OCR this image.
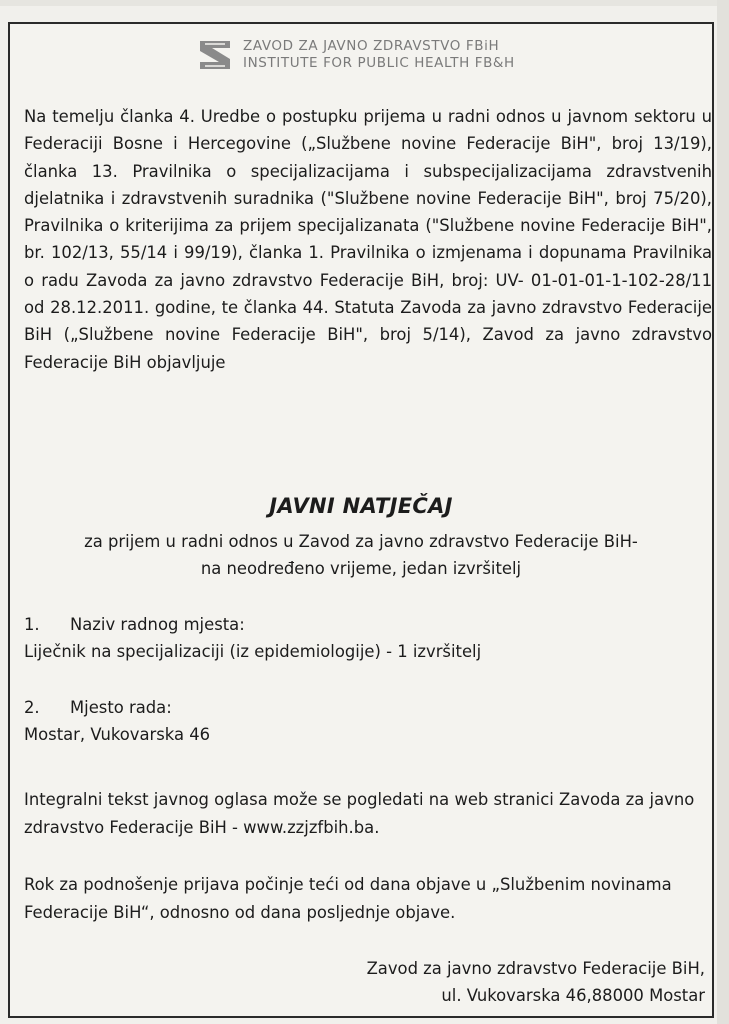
ZAVOD ZA JAVNO ZDRAVSTVO FBiH
INSTITUTE FOR PUBLIC HEALTH FB&H

Na temelju članka 4. Uredbe o postupku prijema u radni odnos u javnom sektoru u Federaciji Bosne i Hercegovine („Službene novine Federacije BiH", broj 13/19), članka 13. Pravilnika o specijalizacijama i subspecijalizacijama zdravstvenih djelatnika i zdravstvenih suradnika ("Službene novine Federacije BiH", broj 75/20), Pravilnika o kriterijima za prijem specijalizanata ("Službene novine Federacije BiH", br. 102/13, 55/14 i 99/19), članka 1. Pravilnika o izmjenama i dopunama Pravilnika o radu Zavoda za javno zdravstvo Federacije BiH, broj: UV- 01-01-01-1-102-28/11 od 28.12.2011. godine, te članka 44. Statuta Zavoda za javno zdravstvo Federacije BiH („Službene novine Federacije BiH", broj 5/14), Zavod za javno zdravstvo Federacije BiH objavljuje

JAVNI NATJEČAJ
za prijem u radni odnos u Zavod za javno zdravstvo Federacije BiH-
na neodređeno vrijeme, jedan izvršitelj
1. Naziv radnog mjesta:
Liječnik na specijalizaciji (iz epidemiologije) - 1 izvršitelj
2. Mjesto rada:
Mostar, Vukovarska 46
Integralni tekst javnog oglasa može se pogledati na web stranici Zavoda za javno zdravstvo Federacije BiH - www.zzjzfbih.ba.
Rok za podnošenje prijava počinje teći od dana objave u „Službenim novinama Federacije BiH“, odnosno od dana posljednje objave.
Zavod za javno zdravstvo Federacije BiH,
ul. Vukovarska 46,88000 Mostar
